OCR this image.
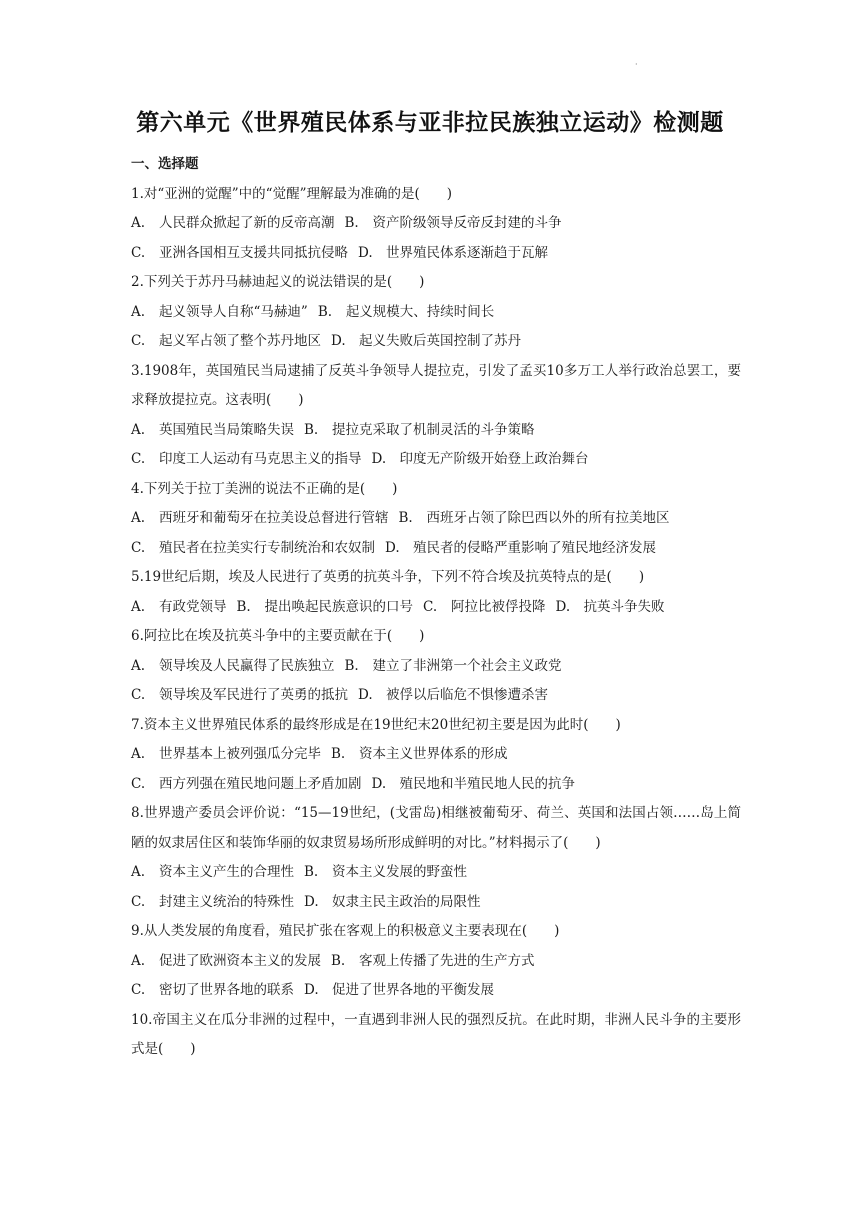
·
第六单元《世界殖民体系与亚非拉民族独立运动》检测题
一、选择题
1.对“亚洲的觉醒”中的“觉醒”理解最为准确的是(　　)
A. 人民群众掀起了新的反帝高潮 B. 资产阶级领导反帝反封建的斗争
C. 亚洲各国相互支援共同抵抗侵略 D. 世界殖民体系逐渐趋于瓦解
2.下列关于苏丹马赫迪起义的说法错误的是(　　)
A. 起义领导人自称“马赫迪” B. 起义规模大、持续时间长
C. 起义军占领了整个苏丹地区 D. 起义失败后英国控制了苏丹
3.1908年，英国殖民当局逮捕了反英斗争领导人提拉克，引发了孟买10多万工人举行政治总罢工，要求释放提拉克。这表明(　　)
A. 英国殖民当局策略失误 B. 提拉克采取了机制灵活的斗争策略
C. 印度工人运动有马克思主义的指导 D. 印度无产阶级开始登上政治舞台
4.下列关于拉丁美洲的说法不正确的是(　　)
A. 西班牙和葡萄牙在拉美设总督进行管辖 B. 西班牙占领了除巴西以外的所有拉美地区
C. 殖民者在拉美实行专制统治和农奴制 D. 殖民者的侵略严重影响了殖民地经济发展
5.19世纪后期，埃及人民进行了英勇的抗英斗争，下列不符合埃及抗英特点的是(　　)
A. 有政党领导 B. 提出唤起民族意识的口号 C. 阿拉比被俘投降 D. 抗英斗争失败
6.阿拉比在埃及抗英斗争中的主要贡献在于(　　)
A. 领导埃及人民赢得了民族独立 B. 建立了非洲第一个社会主义政党
C. 领导埃及军民进行了英勇的抵抗 D. 被俘以后临危不惧惨遭杀害
7.资本主义世界殖民体系的最终形成是在19世纪末20世纪初主要是因为此时(　　)
A. 世界基本上被列强瓜分完毕 B. 资本主义世界体系的形成
C. 西方列强在殖民地问题上矛盾加剧 D. 殖民地和半殖民地人民的抗争
8.世界遗产委员会评价说：“15—19世纪，(戈雷岛)相继被葡萄牙、荷兰、英国和法国占领……岛上简陋的奴隶居住区和装饰华丽的奴隶贸易场所形成鲜明的对比。”材料揭示了(　　)
A. 资本主义产生的合理性 B. 资本主义发展的野蛮性
C. 封建主义统治的特殊性 D. 奴隶主民主政治的局限性
9.从人类发展的角度看，殖民扩张在客观上的积极意义主要表现在(　　)
A. 促进了欧洲资本主义的发展 B. 客观上传播了先进的生产方式
C. 密切了世界各地的联系 D. 促进了世界各地的平衡发展
10.帝国主义在瓜分非洲的过程中，一直遇到非洲人民的强烈反抗。在此时期，非洲人民斗争的主要形式是(　　)
